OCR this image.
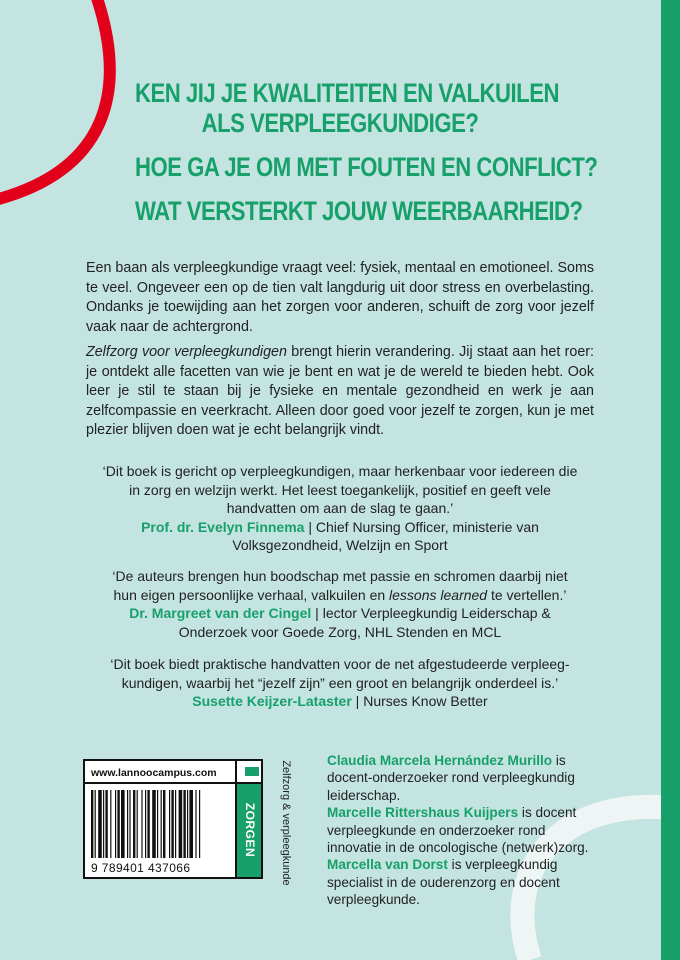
KEN JIJ JE KWALITEITEN EN VALKUILEN
ALS VERPLEEGKUNDIGE?
HOE GA JE OM MET FOUTEN EN CONFLICT?
WAT VERSTERKT JOUW WEERBAARHEID?

Een baan als verpleegkundige vraagt veel: fysiek, mentaal en emotioneel. Soms te veel. Ongeveer een op de tien valt langdurig uit door stress en overbelasting. Ondanks je toewijding aan het zorgen voor anderen, schuift de zorg voor jezelf vaak naar de achtergrond.

Zelfzorg voor verpleegkundigen brengt hierin verandering. Jij staat aan het roer: je ontdekt alle facetten van wie je bent en wat je de wereld te bieden hebt. Ook leer je stil te staan bij je fysieke en mentale gezondheid en werk je aan zelfcompassie en veerkracht. Alleen door goed voor jezelf te zorgen, kun je met plezier blijven doen wat je echt belangrijk vindt.

‘Dit boek is gericht op verpleegkundigen, maar herkenbaar voor iedereen die in zorg en welzijn werkt. Het leest toegankelijk, positief en geeft vele handvatten om aan de slag te gaan.’
Prof. dr. Evelyn Finnema | Chief Nursing Officer, ministerie van Volksgezondheid, Welzijn en Sport
‘De auteurs brengen hun boodschap met passie en schromen daarbij niet hun eigen persoonlijke verhaal, valkuilen en lessons learned te vertellen.’
Dr. Margreet van der Cingel | lector Verpleegkundig Leiderschap & Onderzoek voor Goede Zorg, NHL Stenden en MCL
‘Dit boek biedt praktische handvatten voor de net afgestudeerde verpleeg-kundigen, waarbij het “jezelf zijn” een groot en belangrijk onderdeel is.’
Susette Keijzer-Lataster | Nurses Know Better
www.lannoocampus.com
9 789401 437066
ZORGEN Zelfzorg & verpleegkunde	Claudia Marcela Hernández Murillo is docent-onderzoeker rond verpleegkundig leiderschap.
Marcelle Rittershaus Kuijpers is docent verpleegkunde en onderzoeker rond innovatie in de oncologische (netwerk)zorg.
Marcella van Dorst is verpleegkundig specialist in de ouderenzorg en docent verpleegkunde.
